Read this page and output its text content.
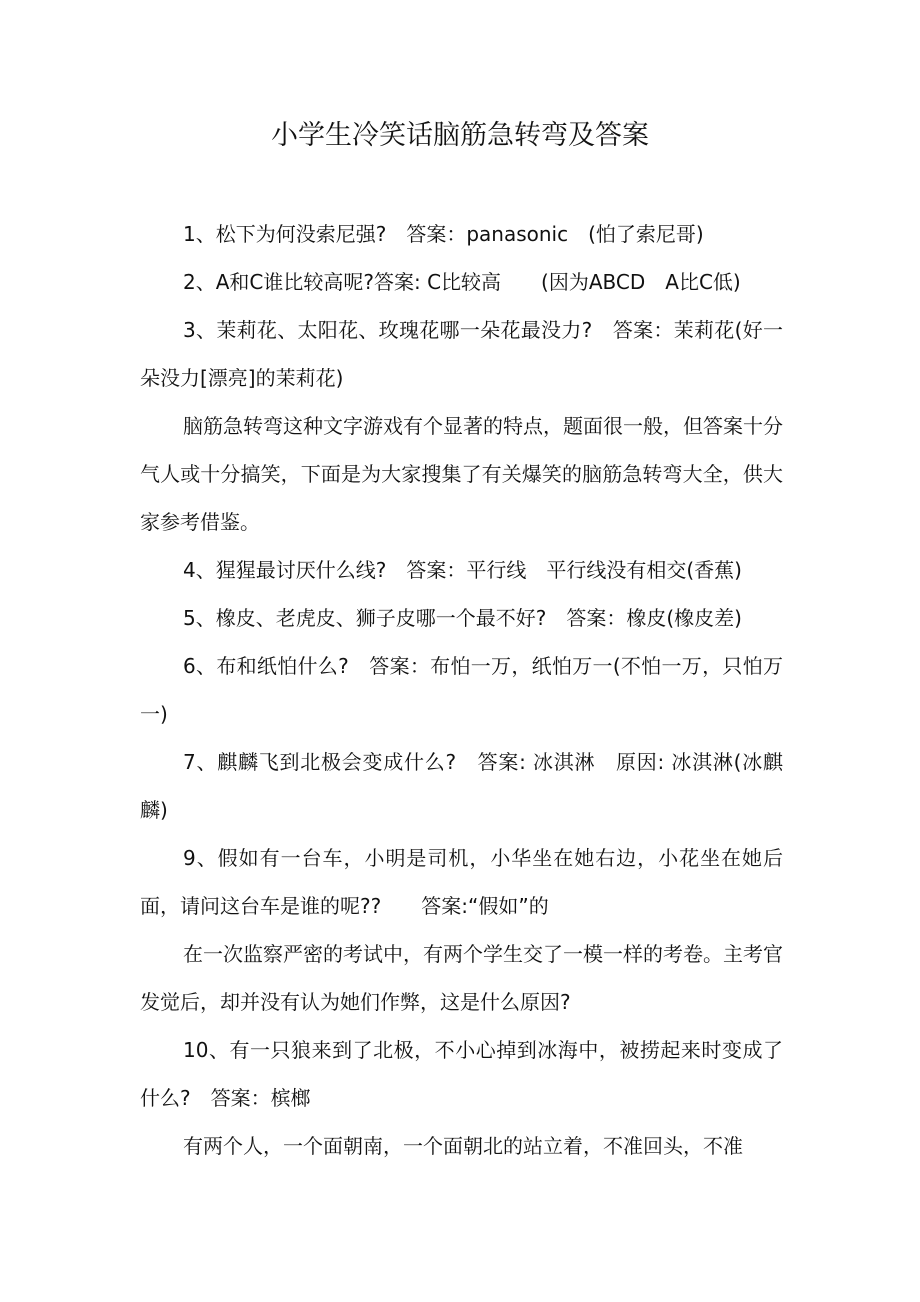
小学生冷笑话脑筋急转弯及答案

1、松下为何没索尼强?　答案：panasonic　(怕了索尼哥)

2、A和C谁比较高呢?答案: C比较高　　(因为ABCD　A比C低)

3、茉莉花、太阳花、玫瑰花哪一朵花最没力?　答案：茉莉花(好一朵没力[漂亮]的茉莉花)

脑筋急转弯这种文字游戏有个显著的特点，题面很一般，但答案十分气人或十分搞笑，下面是为大家搜集了有关爆笑的脑筋急转弯大全，供大家参考借鉴。

4、猩猩最讨厌什么线?　答案：平行线　平行线没有相交(香蕉)

5、橡皮、老虎皮、狮子皮哪一个最不好?　答案：橡皮(橡皮差)

6、布和纸怕什么?　答案：布怕一万，纸怕万一(不怕一万，只怕万一)

7、麒麟飞到北极会变成什么?　答案: 冰淇淋　原因: 冰淇淋(冰麒麟)

9、假如有一台车，小明是司机，小华坐在她右边，小花坐在她后面，请问这台车是谁的呢??　　答案:“假如”的

在一次监察严密的考试中，有两个学生交了一模一样的考卷。主考官发觉后，却并没有认为她们作弊，这是什么原因?

10、有一只狼来到了北极，不小心掉到冰海中，被捞起来时变成了什么?　答案：槟榔

有两个人，一个面朝南，一个面朝北的站立着，不准回头，不准
